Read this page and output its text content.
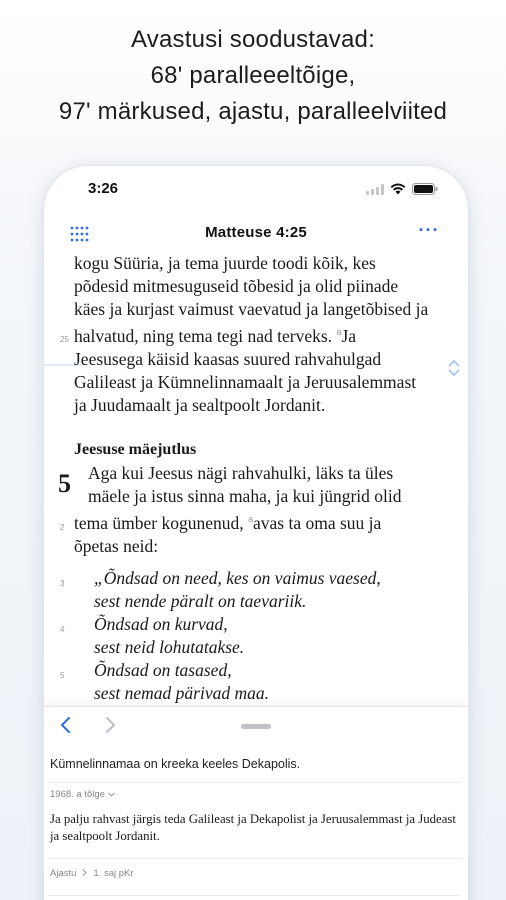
Avastusi soodustavad:
68' paralleeeltõige,
97' märkused, ajastu, paralleelviited
3:26
Matteuse 4:25	···
25
kogu Süüria, ja tema juurde toodi kõik, kes
põdesid mitmesuguseid tõbesid ja olid piinade
käes ja kurjast vaimust vaevatud ja langetõbised ja
halvatud, ning tema tegi nad terveks. $^a$Ja
Jeesusega käisid kaasas suured rahvahulgad
Galileast ja Kümnelinnamaalt ja Jeruusalemmast
ja Juudamaalt ja sealtpoolt Jordanit.
Jeesuse mäejutlus
5 Aga kui Jeesus nägi rahvahulki, läks ta üles
mäele ja istus sinna maha, ja kui jüngrid olid
tema ümber kogunenud, $^a$avas ta oma suu ja
õpetas neid:
2
3
4
5
„Õndsad on need, kes on vaimus vaesed,
sest nende päralt on taevariik.
Õndsad on kurvad,
sest neid lohutatakse.
Õndsad on tasased,
sest nemad pärivad maa.
Kümnelinnamaa on kreeka keeles Dekapolis.
1968. a tõlge
Ja palju rahvast järgis teda Galileast ja Dekapolist ja Jeruusalemmast ja Judeast ja sealtpoolt Jordanit.
Ajastu 1. saj pKr
